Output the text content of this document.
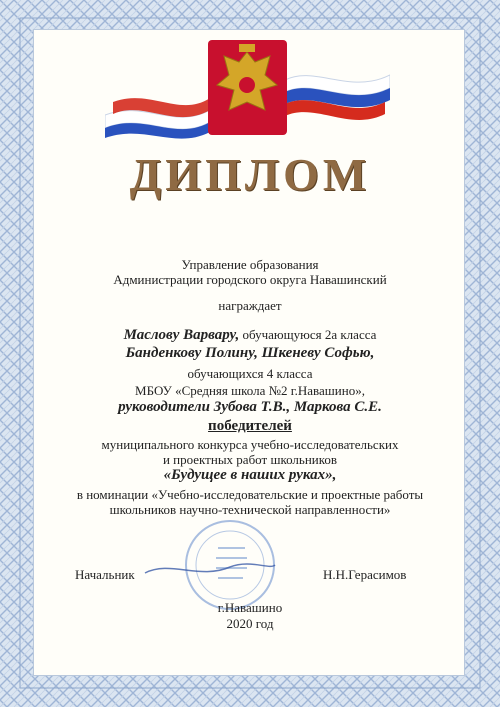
ДИПЛОМ
Управление образования
Администрации городского округа Навашинский
награждает
Маслову Варвару, обучающуюся 2а класса
Банденкову Полину, Шкеневу Софью,
обучающихся 4 класса
МБОУ «Средняя школа №2 г.Навашино»,
руководители Зубова Т.В., Маркова С.Е.
победителей
муниципального конкурса учебно-исследовательских
и проектных работ школьников
«Будущее в наших руках»,
в номинации «Учебно-исследовательские и проектные работы
школьников научно-технической направленности»
Начальник	Н.Н.Герасимов
г.Навашино
2020 год
